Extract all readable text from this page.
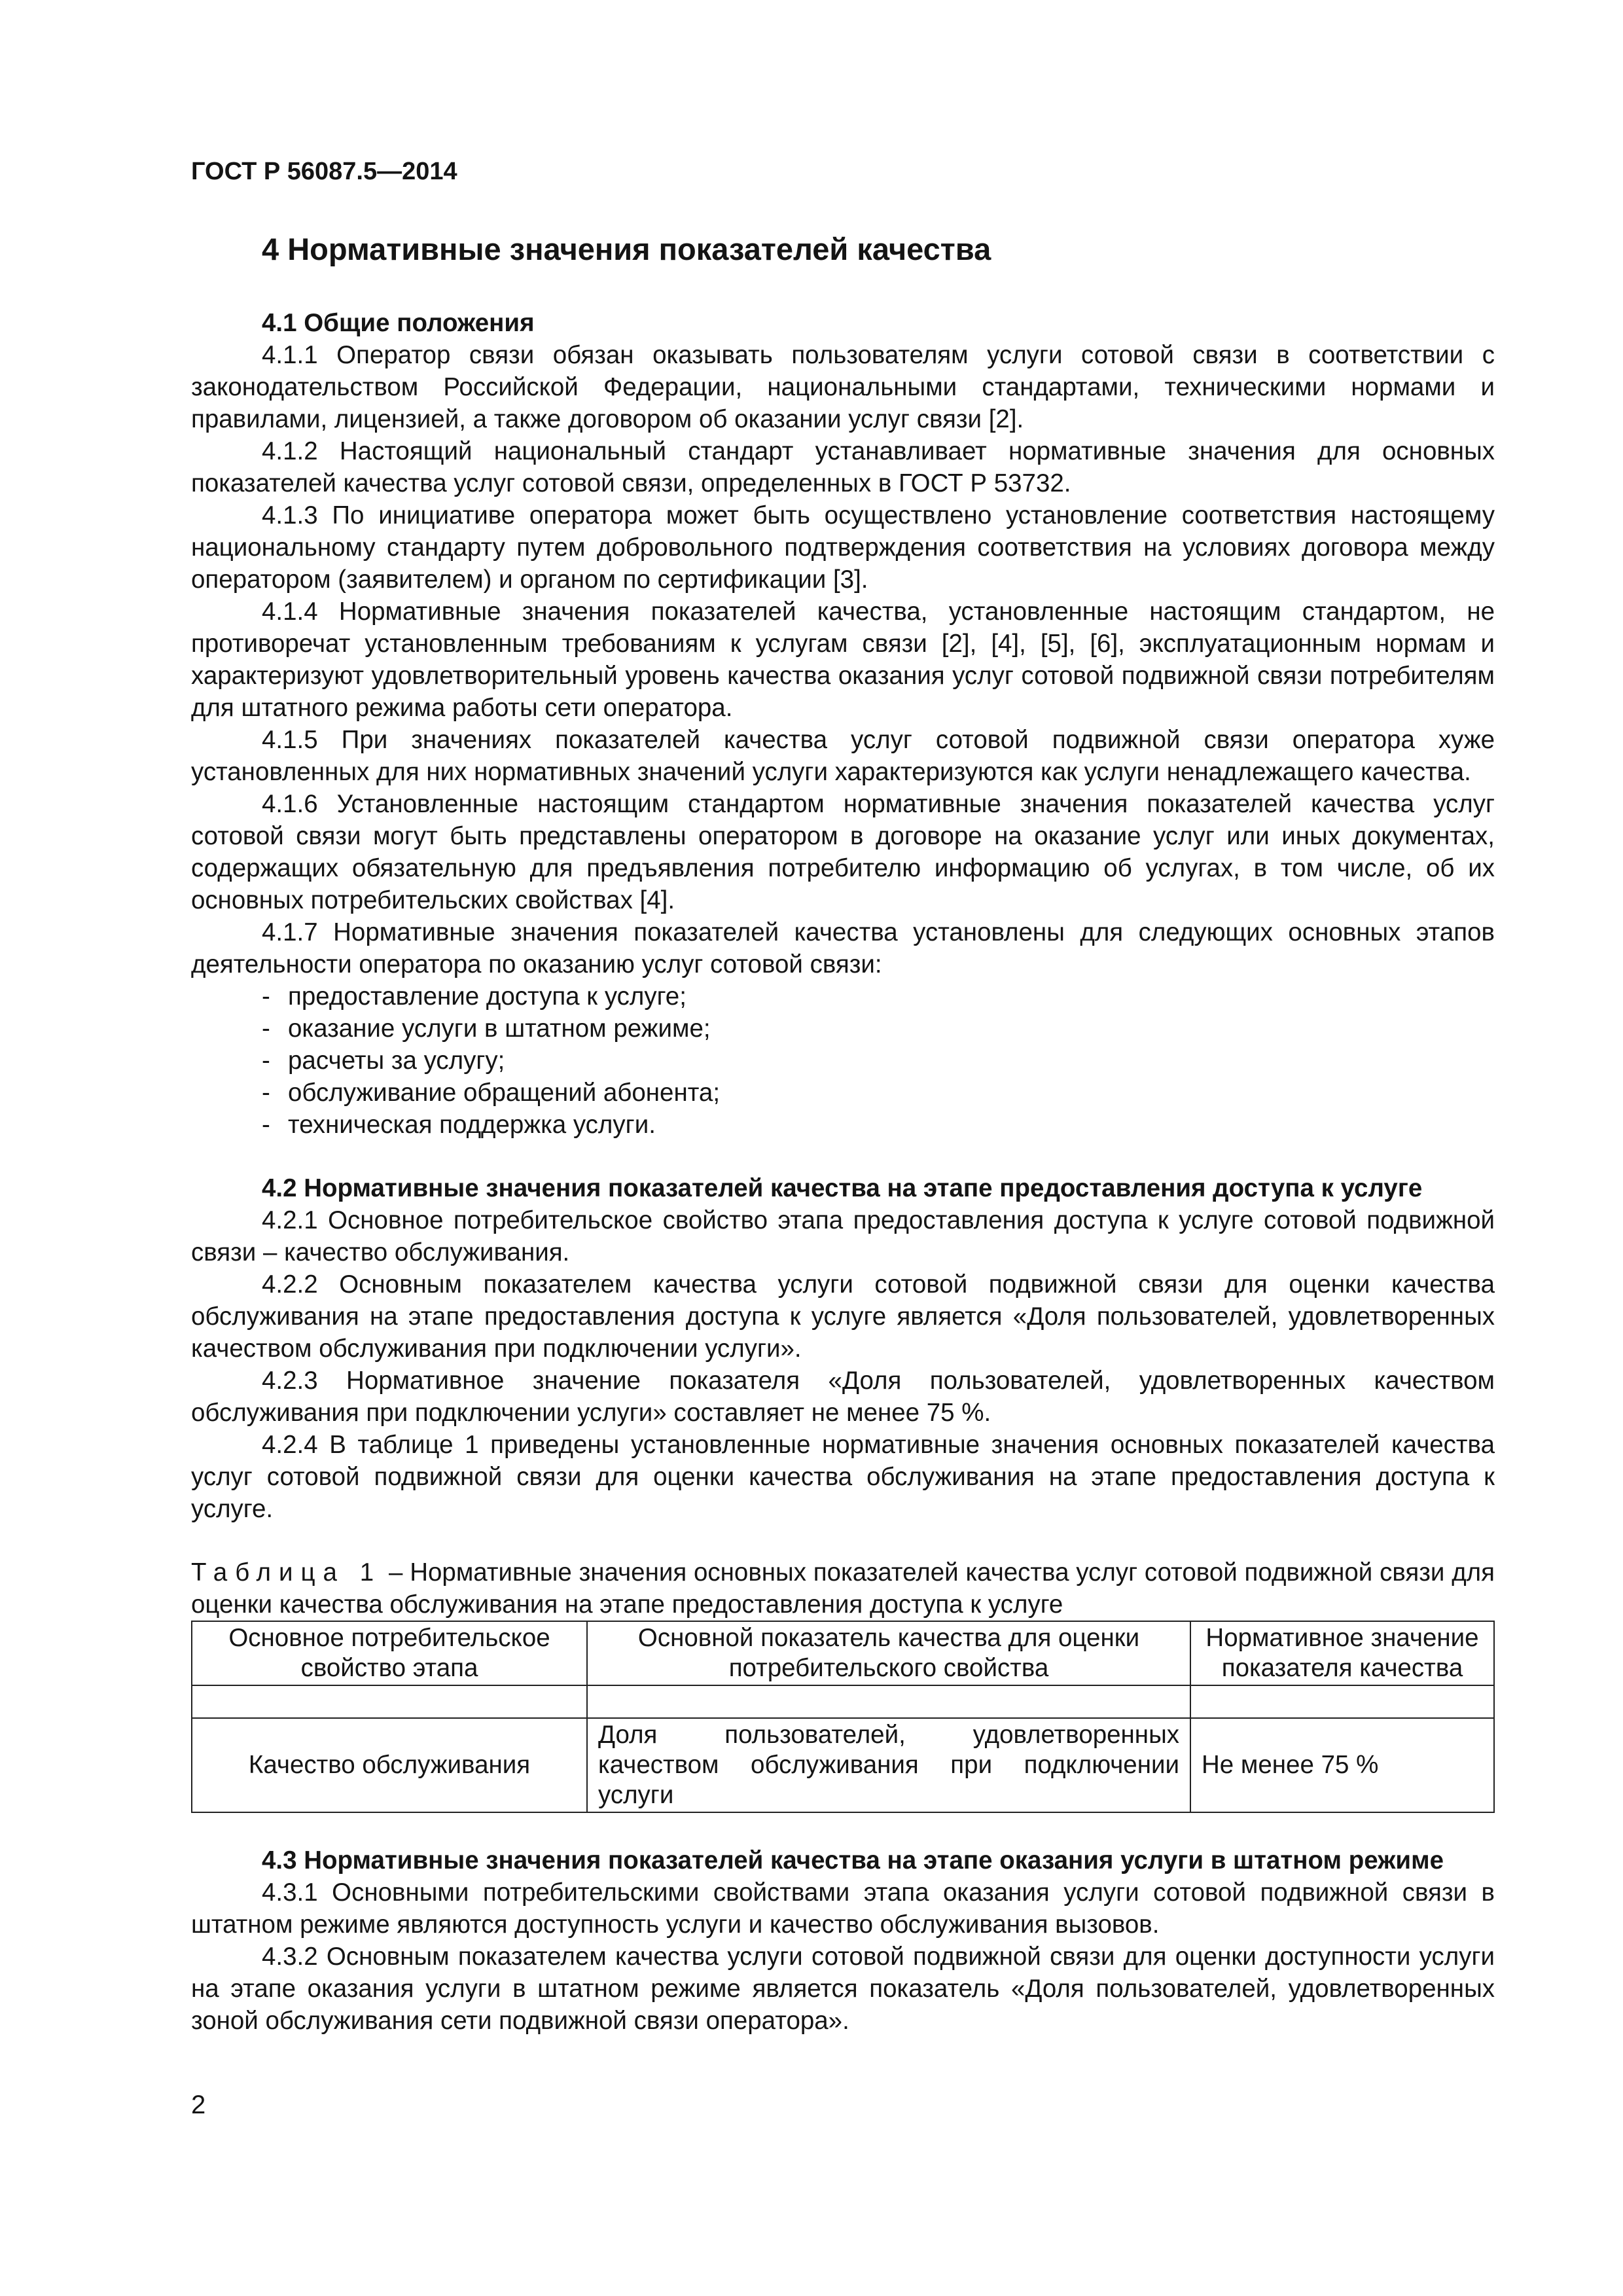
ГОСТ Р 56087.5—2014

4 Нормативные значения показателей качества

4.1 Общие положения

4.1.1 Оператор связи обязан оказывать пользователям услуги сотовой связи в соответствии с законодательством Российской Федерации, национальными стандартами, техническими нормами и правилами, лицензией, а также договором об оказании услуг связи [2].

4.1.2 Настоящий национальный стандарт устанавливает нормативные значения для основных показателей качества услуг сотовой связи, определенных в ГОСТ Р 53732.

4.1.3 По инициативе оператора может быть осуществлено установление соответствия настоящему национальному стандарту путем добровольного подтверждения соответствия на условиях договора между оператором (заявителем) и органом по сертификации [3].

4.1.4 Нормативные значения показателей качества, установленные настоящим стандартом, не противоречат установленным требованиям к услугам связи [2], [4], [5], [6], эксплуатационным нормам и характеризуют удовлетворительный уровень качества оказания услуг сотовой подвижной связи потребителям для штатного режима работы сети оператора.

4.1.5 При значениях показателей качества услуг сотовой подвижной связи оператора хуже установленных для них нормативных значений услуги характеризуются как услуги ненадлежащего качества.

4.1.6 Установленные настоящим стандартом нормативные значения показателей качества услуг сотовой связи могут быть представлены оператором в договоре на оказание услуг или иных документах, содержащих обязательную для предъявления потребителю информацию об услугах, в том числе, об их основных потребительских свойствах [4].

4.1.7 Нормативные значения показателей качества установлены для следующих основных этапов деятельности оператора по оказанию услуг сотовой связи:

- предоставление доступа к услуге;
- оказание услуги в штатном режиме;
- расчеты за услугу;
- обслуживание обращений абонента;
- техническая поддержка услуги.

4.2 Нормативные значения показателей качества на этапе предоставления доступа к услуге

4.2.1 Основное потребительское свойство этапа предоставления доступа к услуге сотовой подвижной связи – качество обслуживания.

4.2.2 Основным показателем качества услуги сотовой подвижной связи для оценки качества обслуживания на этапе предоставления доступа к услуге является «Доля пользователей, удовлетворенных качеством обслуживания при подключении услуги».

4.2.3 Нормативное значение показателя «Доля пользователей, удовлетворенных качеством обслуживания при подключении услуги» составляет не менее 75 %.

4.2.4 В таблице 1 приведены установленные нормативные значения основных показателей качества услуг сотовой подвижной связи для оценки качества обслуживания на этапе предоставления доступа к услуге.

Таблица 1 – Нормативные значения основных показателей качества услуг сотовой подвижной связи для оценки качества обслуживания на этапе предоставления доступа к услуге

Основное потребительское свойство этапа	Основной показатель качества для оценки потребительского свойства	Нормативное значение показателя качества

Качество обслуживания	Доля пользователей, удовлетворенных качеством обслуживания при подключении услуги	Не менее 75 %

4.3 Нормативные значения показателей качества на этапе оказания услуги в штатном режиме

4.3.1 Основными потребительскими свойствами этапа оказания услуги сотовой подвижной связи в штатном режиме являются доступность услуги и качество обслуживания вызовов.

4.3.2 Основным показателем качества услуги сотовой подвижной связи для оценки доступности услуги на этапе оказания услуги в штатном режиме является показатель «Доля пользователей, удовлетворенных зоной обслуживания сети подвижной связи оператора».

2
